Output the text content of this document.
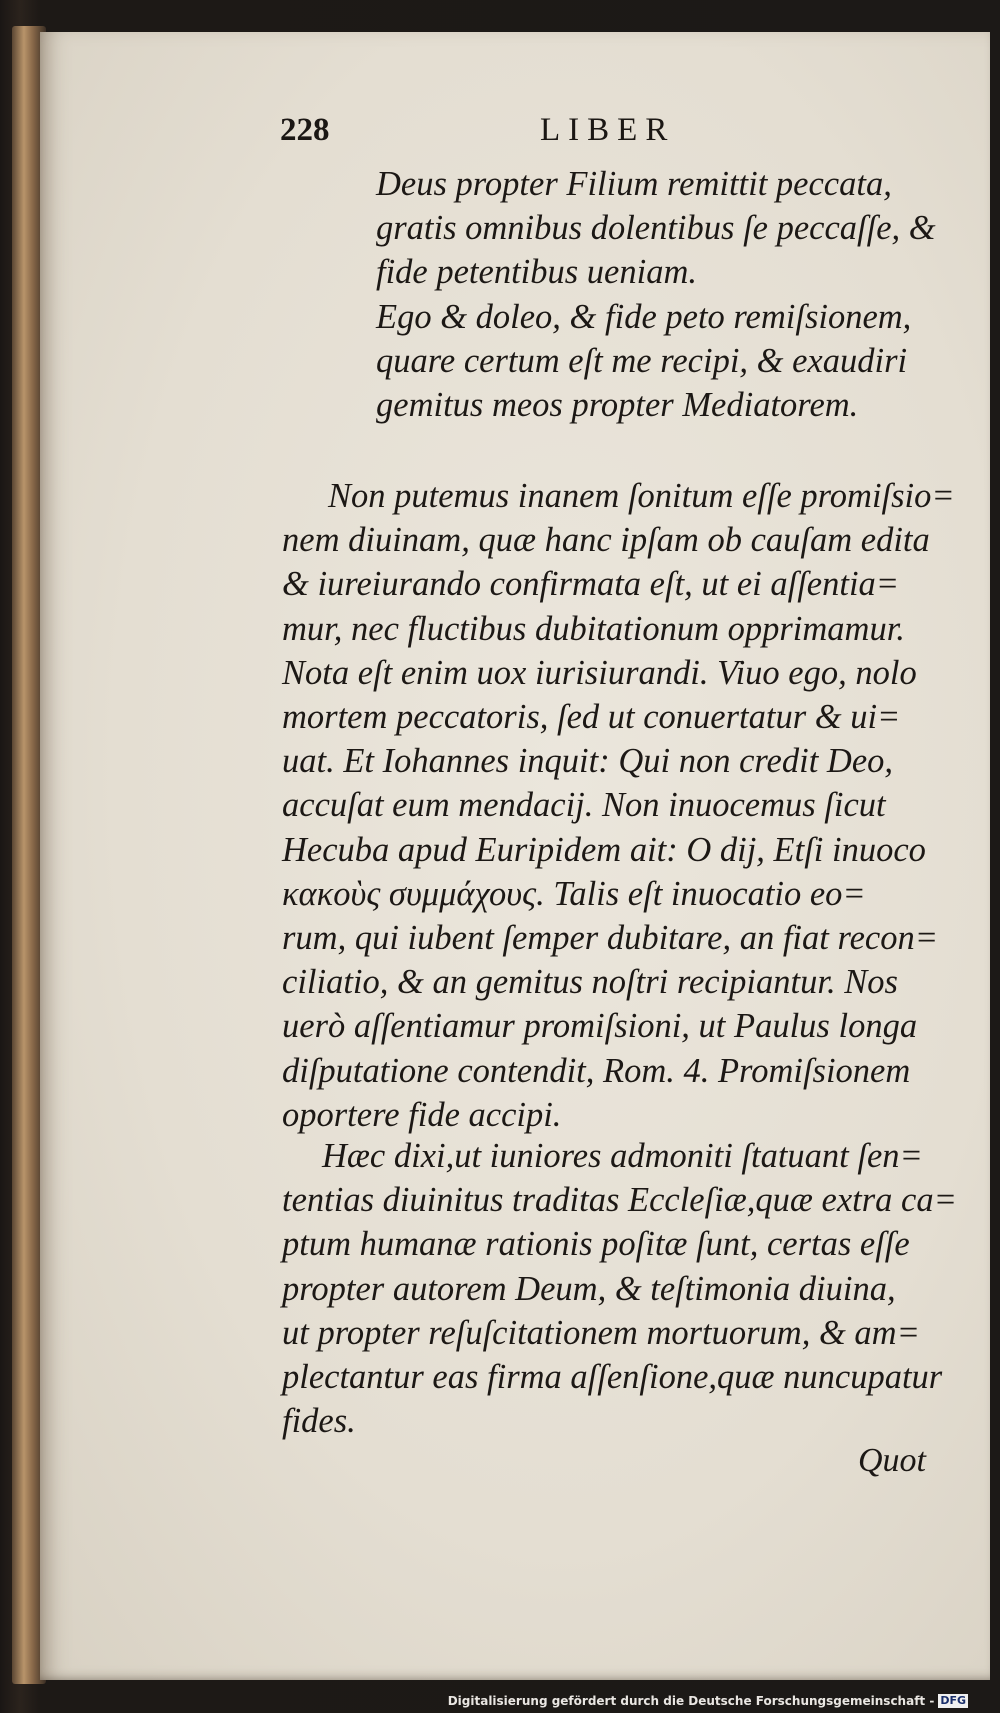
228	LIBER
Deus propter Filium remittit peccata,
gratis omnibus dolentibus ſe peccaſſe, &
fide petentibus ueniam.
Ego & doleo, & fide peto remiſsionem,
quare certum eſt me recipi, & exaudiri
gemitus meos propter Mediatorem.
Non putemus inanem ſonitum eſſe promiſsio=
nem diuinam, quæ hanc ipſam ob cauſam edita
& iureiurando confirmata eſt, ut ei aſſentia=
mur, nec fluctibus dubitationum opprimamur.
Nota eſt enim uox iurisiurandi. Viuo ego, nolo
mortem peccatoris, ſed ut conuertatur & ui=
uat. Et Iohannes inquit: Qui non credit Deo,
accuſat eum mendacij. Non inuocemus ſicut
Hecuba apud Euripidem ait: O dij, Etſi inuoco
κακοὺς συμμάχους. Talis eſt inuocatio eo=
rum, qui iubent ſemper dubitare, an fiat recon=
ciliatio, & an gemitus noſtri recipiantur. Nos
uerò aſſentiamur promiſsioni, ut Paulus longa
diſputatione contendit, Rom. 4. Promiſsionem
oportere fide accipi.
Hæc dixi,ut iuniores admoniti ſtatuant ſen=
tentias diuinitus traditas Eccleſiæ,quæ extra ca=
ptum humanæ rationis poſitæ ſunt, certas eſſe
propter autorem Deum, & teſtimonia diuina,
ut propter reſuſcitationem mortuorum, & am=
plectantur eas firma aſſenſione,quæ nuncupatur
fides.
Quot
Digitalisierung gefördert durch die Deutsche Forschungsgemeinschaft - DFG
